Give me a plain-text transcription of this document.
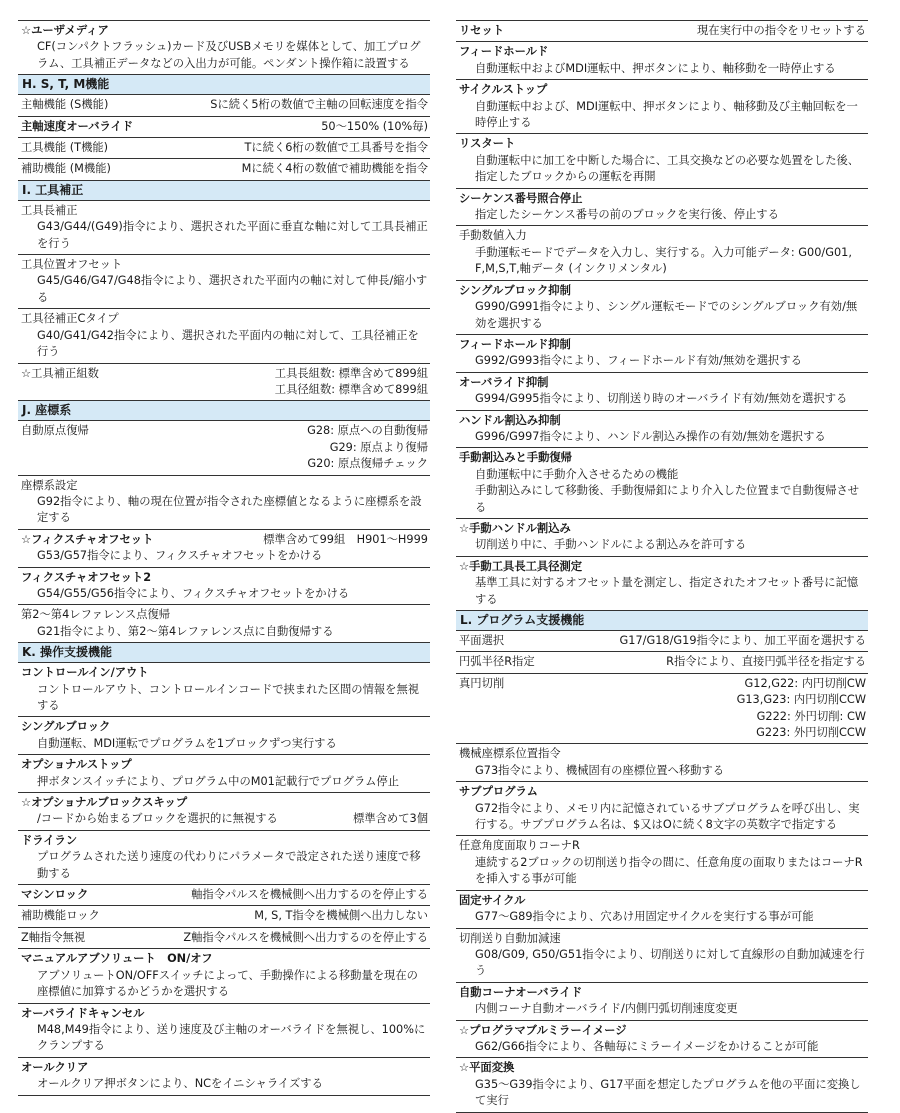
☆ユーザメディア
CF(コンパクトフラッシュ)カード及びUSBメモリを媒体として、加工プログラム、工具補正データなどの入出力が可能。ペンダント操作箱に設置する
H. S, T, M機能
主軸機能 (S機能)	Sに続く5桁の数値で主軸の回転速度を指令
主軸速度オーバライド	50〜150% (10%毎)
工具機能 (T機能)	Tに続く6桁の数値で工具番号を指令
補助機能 (M機能)	Mに続く4桁の数値で補助機能を指令
I. 工具補正
工具長補正
G43/G44/(G49)指令により、選択された平面に垂直な軸に対して工具長補正を行う
工具位置オフセット
G45/G46/G47/G48指令により、選択された平面内の軸に対して伸長/縮小する
工具径補正Cタイプ
G40/G41/G42指令により、選択された平面内の軸に対して、工具径補正を行う
☆工具補正組数	工具長組数: 標準含めて899組
工具径組数: 標準含めて899組
J. 座標系
自動原点復帰	G28: 原点への自動復帰
G29: 原点より復帰
G20: 原点復帰チェック
座標系設定
G92指令により、軸の現在位置が指令された座標値となるように座標系を設定する
☆フィクスチャオフセット	標準含めて99組　H901〜H999
G53/G57指令により、フィクスチャオフセットをかける
フィクスチャオフセット2
G54/G55/G56指令により、フィクスチャオフセットをかける
第2〜第4レファレンス点復帰
G21指令により、第2〜第4レファレンス点に自動復帰する
K. 操作支援機能
コントロールイン/アウト
コントロールアウト、コントロールインコードで挟まれた区間の情報を無視する
シングルブロック
自動運転、MDI運転でプログラムを1ブロックずつ実行する
オプショナルストップ
押ボタンスイッチにより、プログラム中のM01記載行でプログラム停止
☆オプショナルブロックスキップ
/コードから始まるブロックを選択的に無視する	標準含めて3個
ドライラン
プログラムされた送り速度の代わりにパラメータで設定された送り速度で移動する
マシンロック	軸指令パルスを機械側へ出力するのを停止する
補助機能ロック	M, S, T指令を機械側へ出力しない
Z軸指令無視	Z軸指令パルスを機械側へ出力するのを停止する
マニュアルアブソリュート　ON/オフ
アブソリュートON/OFFスイッチによって、手動操作による移動量を現在の座標値に加算するかどうかを選択する
オーバライドキャンセル
M48,M49指令により、送り速度及び主軸のオーバライドを無視し、100%にクランプする
オールクリア
オールクリア押ボタンにより、NCをイニシャライズする
リセット	現在実行中の指令をリセットする
フィードホールド
自動運転中およびMDI運転中、押ボタンにより、軸移動を一時停止する
サイクルストップ
自動運転中および、MDI運転中、押ボタンにより、軸移動及び主軸回転を一時停止する
リスタート
自動運転中に加工を中断した場合に、工具交換などの必要な処置をした後、指定したブロックからの運転を再開
シーケンス番号照合停止
指定したシーケンス番号の前のブロックを実行後、停止する
手動数値入力
手動運転モードでデータを入力し、実行する。入力可能データ: G00/G01, F,M,S,T,軸データ (インクリメンタル)
シングルブロック抑制
G990/G991指令により、シングル運転モードでのシングルブロック有効/無効を選択する
フィードホールド抑制
G992/G993指令により、フィードホールド有効/無効を選択する
オーバライド抑制
G994/G995指令により、切削送り時のオーバライド有効/無効を選択する
ハンドル割込み抑制
G996/G997指令により、ハンドル割込み操作の有効/無効を選択する
手動割込みと手動復帰
自動運転中に手動介入させるための機能
手動割込みにして移動後、手動復帰釦により介入した位置まで自動復帰させる
☆手動ハンドル割込み
切削送り中に、手動ハンドルによる割込みを許可する
☆手動工具長工具径測定
基準工具に対するオフセット量を測定し、指定されたオフセット番号に記憶する
L. プログラム支援機能
平面選択	G17/G18/G19指令により、加工平面を選択する
円弧半径R指定	R指令により、直接円弧半径を指定する
真円切削	G12,G22: 内円切削CW
G13,G23: 内円切削CCW
G222: 外円切削: CW
G223: 外円切削CCW
機械座標系位置指令
G73指令により、機械固有の座標位置へ移動する
サブプログラム
G72指令により、メモリ内に記憶されているサブプログラムを呼び出し、実行する。サブプログラム名は、$又はOに続く8文字の英数字で指定する
任意角度面取りコーナR
連続する2ブロックの切削送り指令の間に、任意角度の面取りまたはコーナRを挿入する事が可能
固定サイクル
G77〜G89指令により、穴あけ用固定サイクルを実行する事が可能
切削送り自動加減速
G08/G09, G50/G51指令により、切削送りに対して直線形の自動加減速を行う
自動コーナオーバライド
内側コーナ自動オーバライド/内側円弧切削速度変更
☆プログラマブルミラーイメージ
G62/G66指令により、各軸毎にミラーイメージをかけることが可能
☆平面変換
G35〜G39指令により、G17平面を想定したプログラムを他の平面に変換して実行
